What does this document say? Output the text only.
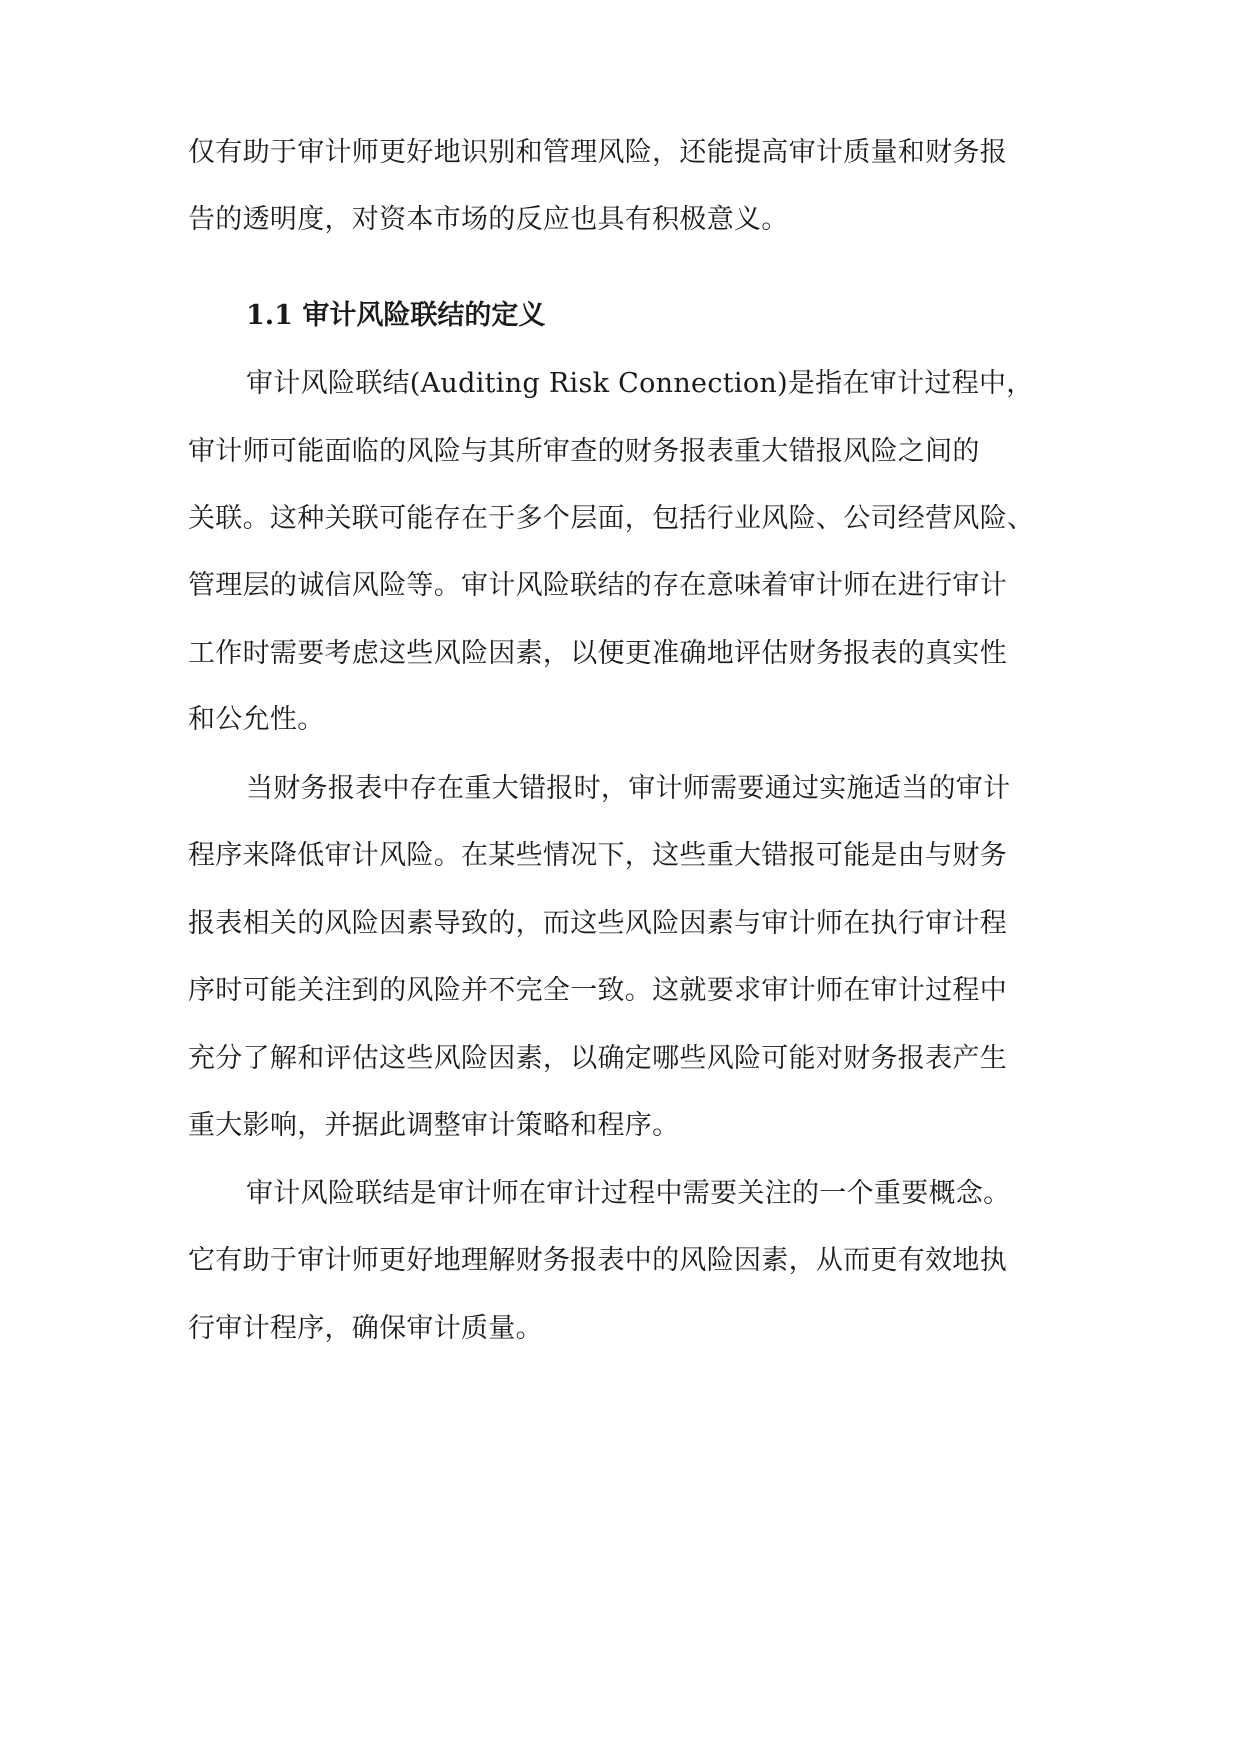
仅有助于审计师更好地识别和管理风险，还能提高审计质量和财务报

告的透明度，对资本市场的反应也具有积极意义。

1.1 审计风险联结的定义

审计风险联结(Auditing Risk Connection)是指在审计过程中，

审计师可能面临的风险与其所审查的财务报表重大错报风险之间的

关联。这种关联可能存在于多个层面，包括行业风险、公司经营风险、

管理层的诚信风险等。审计风险联结的存在意味着审计师在进行审计

工作时需要考虑这些风险因素，以便更准确地评估财务报表的真实性

和公允性。

当财务报表中存在重大错报时，审计师需要通过实施适当的审计

程序来降低审计风险。在某些情况下，这些重大错报可能是由与财务

报表相关的风险因素导致的，而这些风险因素与审计师在执行审计程

序时可能关注到的风险并不完全一致。这就要求审计师在审计过程中

充分了解和评估这些风险因素，以确定哪些风险可能对财务报表产生

重大影响，并据此调整审计策略和程序。

审计风险联结是审计师在审计过程中需要关注的一个重要概念。

它有助于审计师更好地理解财务报表中的风险因素，从而更有效地执

行审计程序，确保审计质量。
